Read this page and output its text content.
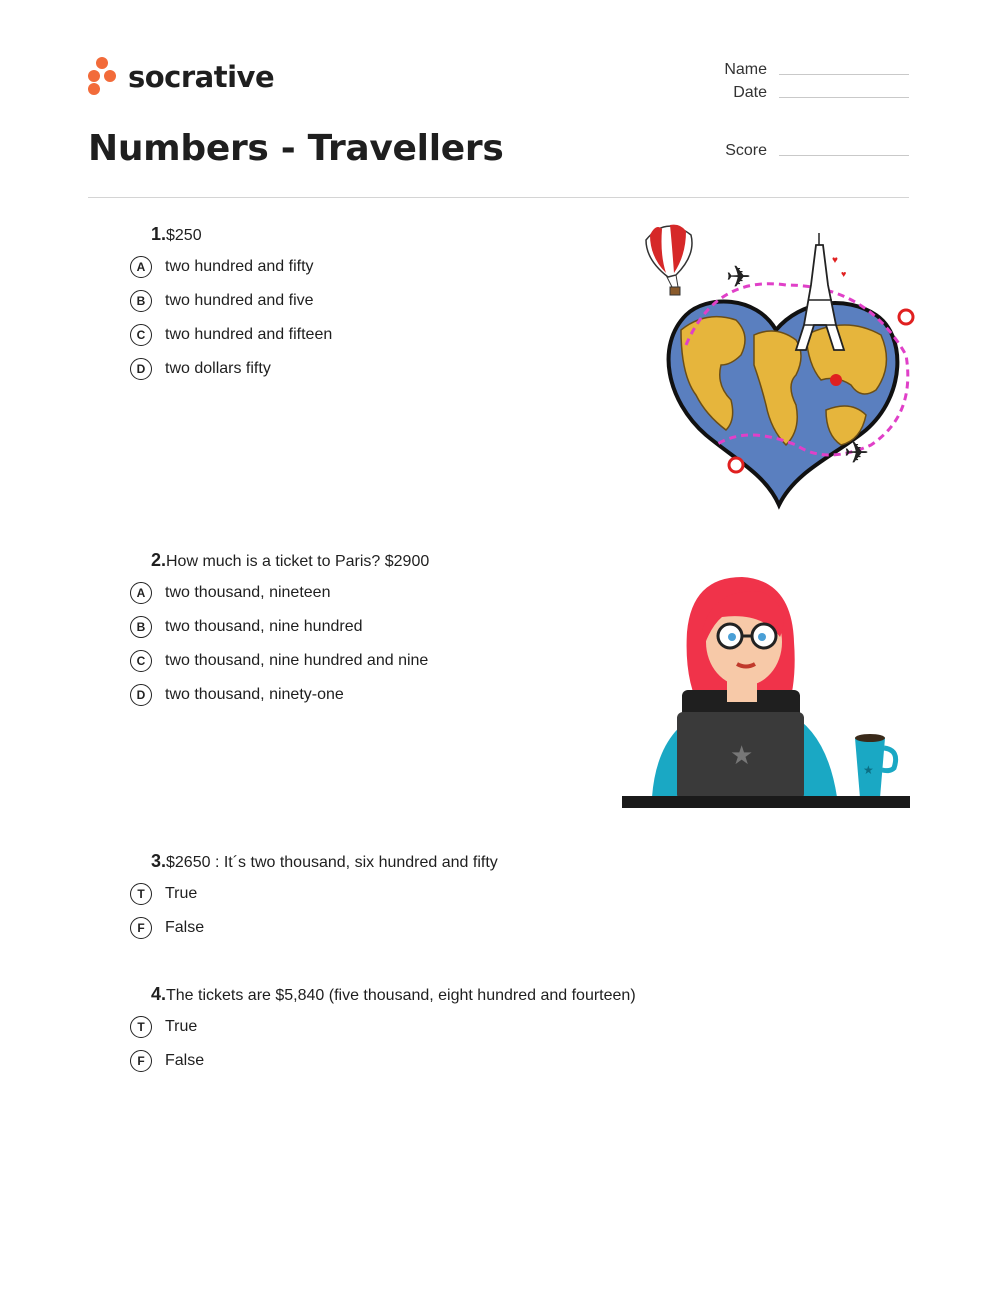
socrative	Name
Date
Score
Numbers - Travellers
1. $250
A	two hundred and fifty
B	two hundred and five
C	two hundred and fifteen
D	two dollars fifty
2. How much is a ticket to Paris? $2900
A	two thousand, nineteen
B	two thousand, nine hundred
C	two thousand, nine hundred and nine
D	two thousand, ninety-one
3. $2650 : It´s two thousand, six hundred and fifty
T	True
F	False
4. The tickets are $5,840 (five thousand, eight hundred and fourteen)
T	True
F	False
♥
♥
✈
✈
★	★
